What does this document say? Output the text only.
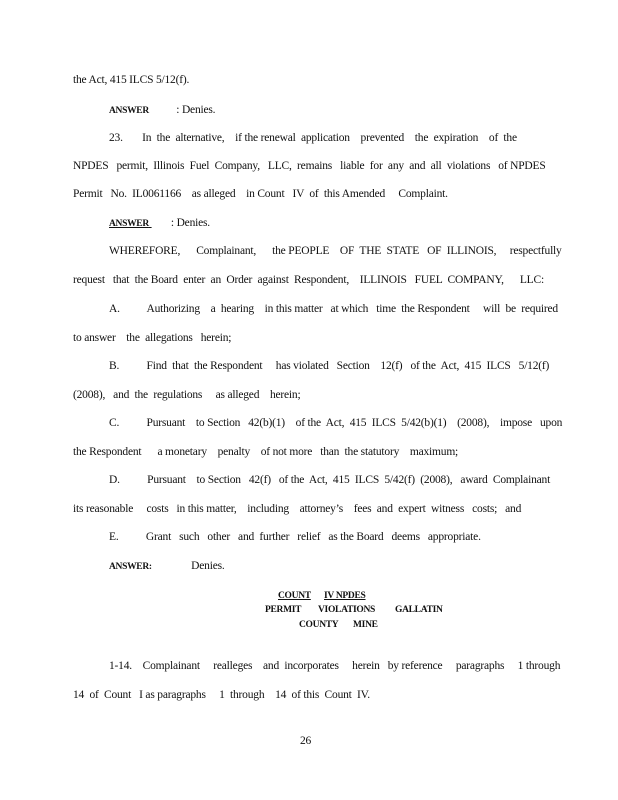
the Act, 415 ILCS 5/12(f).
ANSWER : Denies.
23. In  the  alternative,    if the renewal  application    prevented    the  expiration    of  the
NPDES   permit,  Illinois  Fuel  Company,   LLC,  remains   liable  for  any  and  all  violations   of NPDES
Permit   No.  IL0061166    as alleged    in Count   IV  of  this Amended     Complaint.
ANSWER : Denies.
WHEREFORE,      Complainant,      the PEOPLE    OF  THE  STATE   OF  ILLINOIS,     respectfully
request   that  the Board  enter  an  Order  against  Respondent,    ILLINOIS   FUEL  COMPANY,      LLC:
A. Authorizing    a  hearing    in this matter   at which   time  the Respondent     will  be  required
to answer    the  allegations   herein;
B. Find  that  the Respondent     has violated   Section    12(f)   of the  Act,  415  ILCS   5/12(f)
(2008),   and  the  regulations     as alleged    herein;
C. Pursuant    to Section   42(b)(1)    of the  Act,  415  ILCS  5/42(b)(1)    (2008),    impose   upon
the Respondent      a monetary    penalty    of not more   than  the statutory    maximum;
D. Pursuant    to Section   42(f)   of the  Act,  415  ILCS  5/42(f)  (2008),   award  Complainant
its reasonable     costs   in this matter,    including    attorney’s    fees  and  expert  witness   costs;   and
E. Grant   such   other   and  further   relief   as the Board   deems   appropriate.
ANSWER:	Denies.
COUNT IV NPDES
PERMIT VIOLATIONS GALLATIN
COUNTY MINE
1-14.    Complainant     realleges    and  incorporates     herein   by reference     paragraphs     1 through
14  of  Count   I as paragraphs     1  through    14  of this  Count  IV.
26
